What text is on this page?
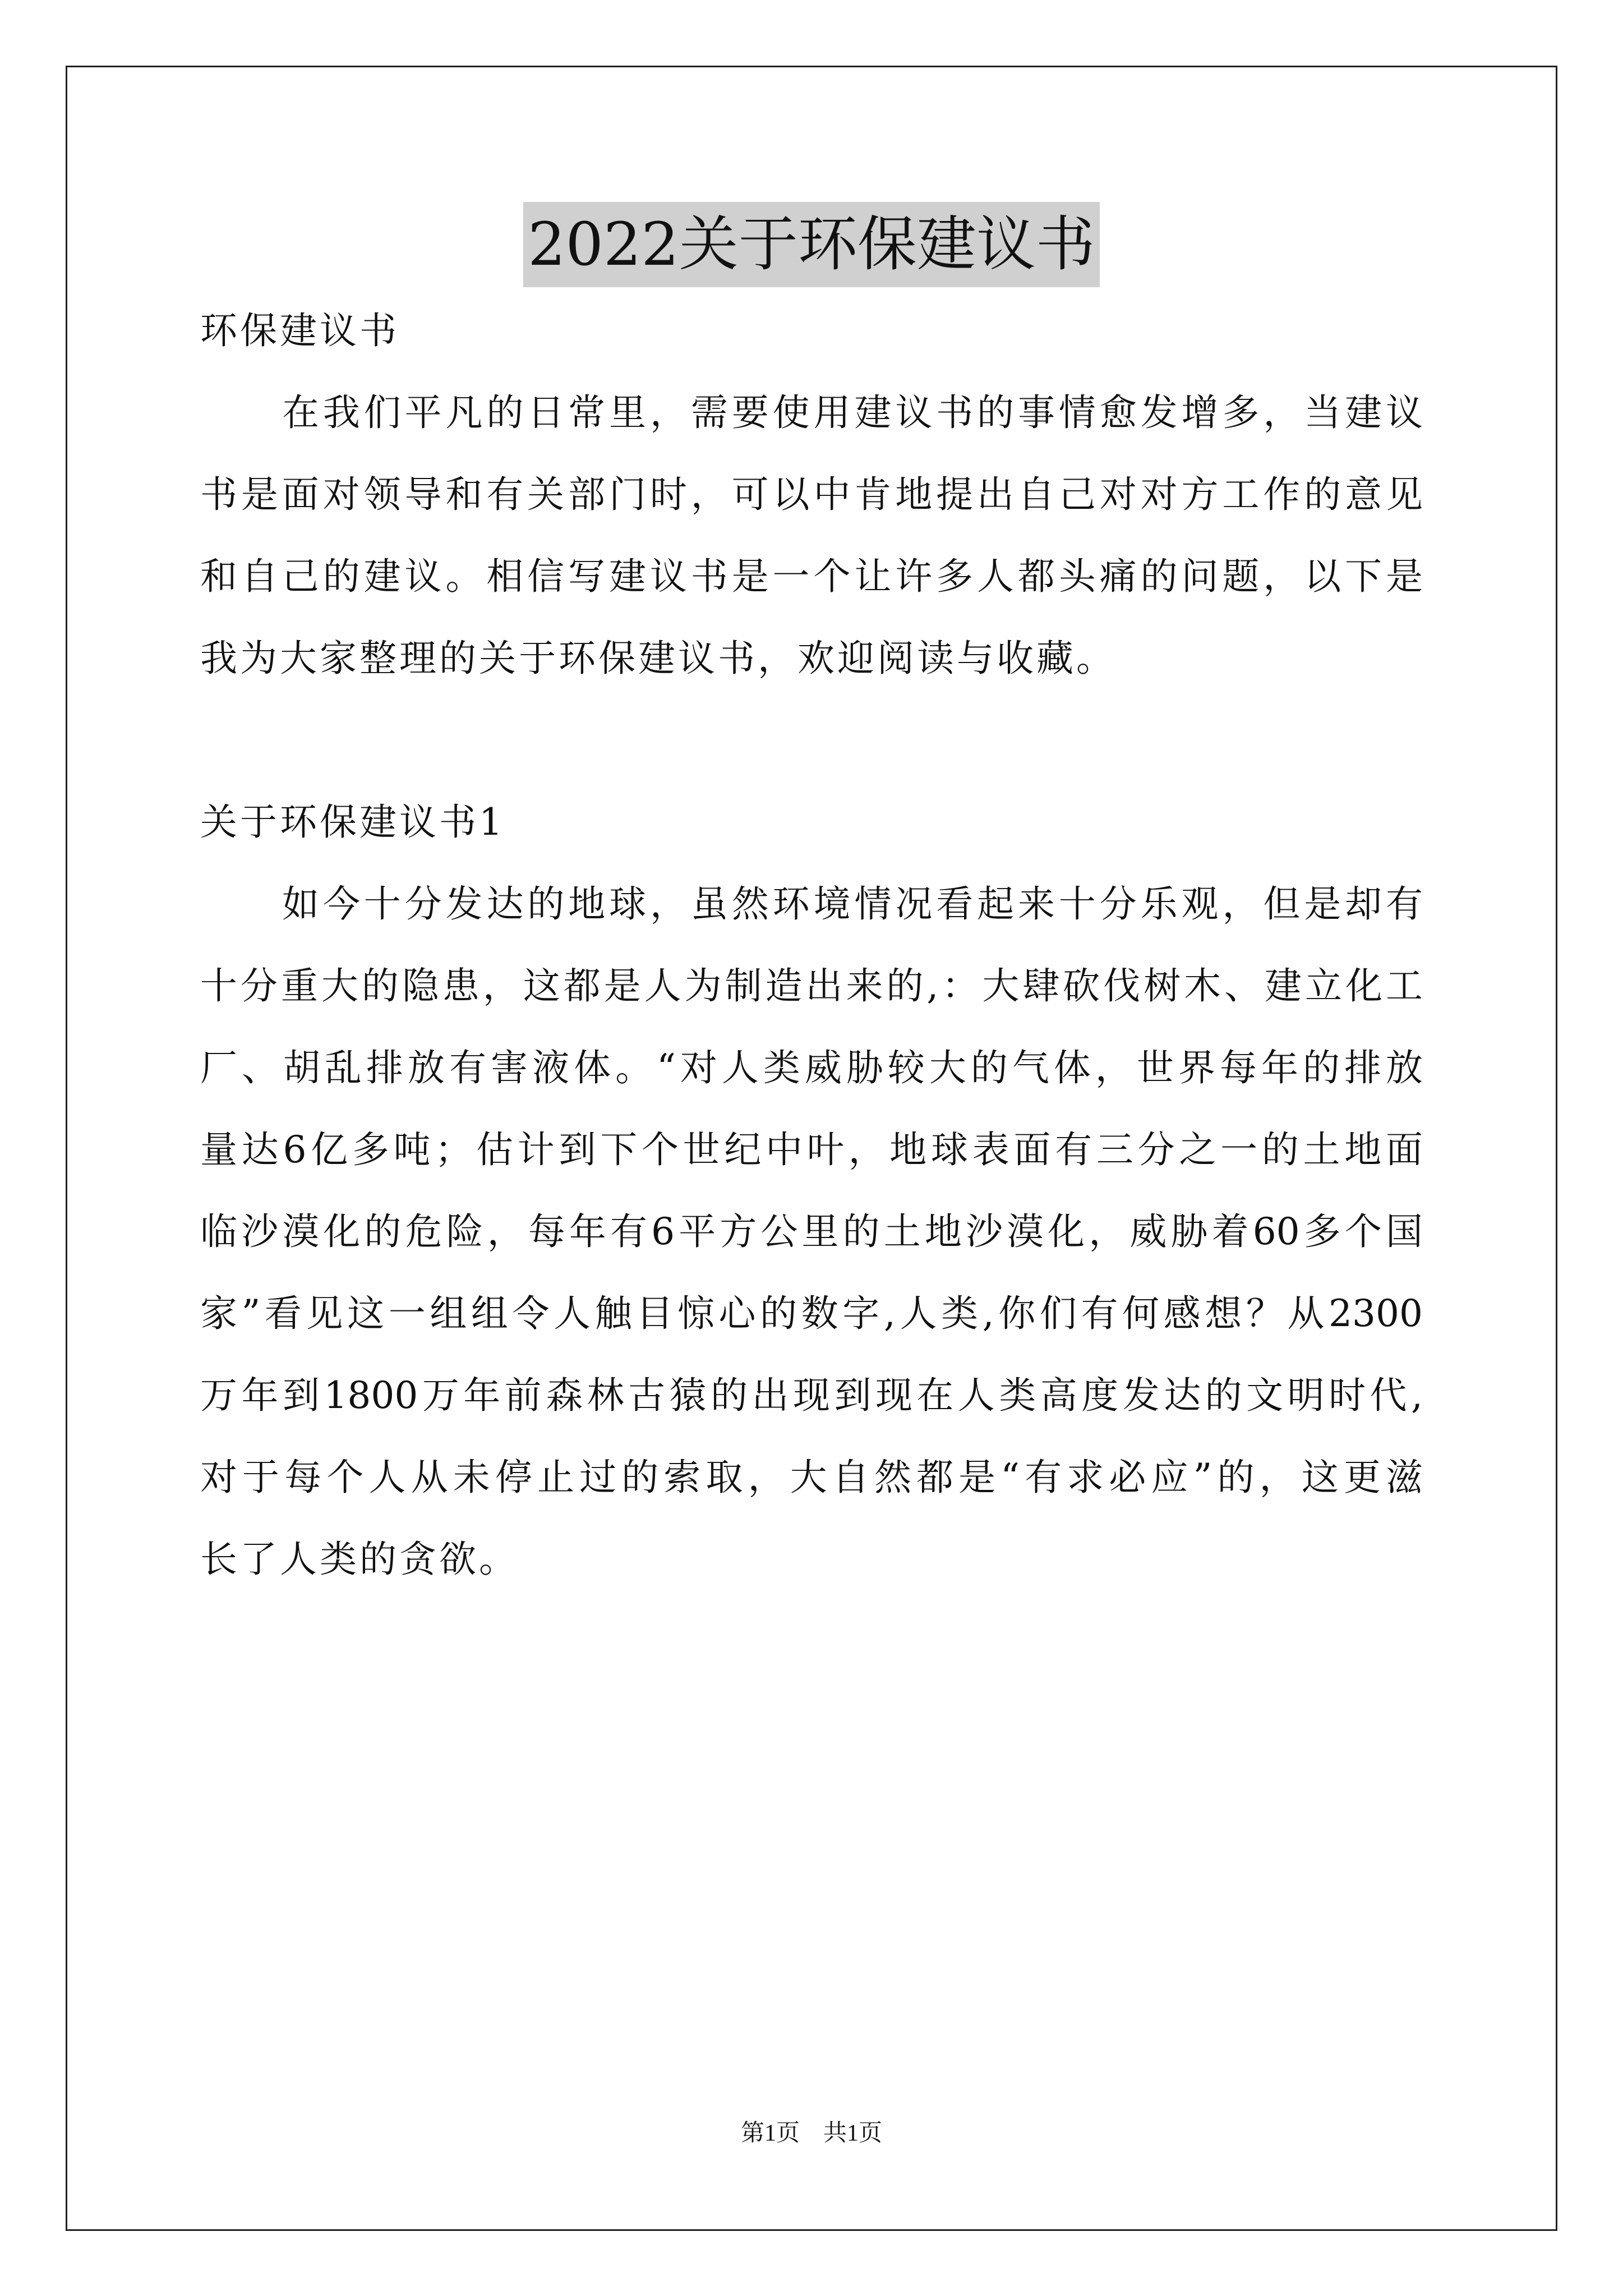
2022关于环保建议书
环保建议书
在我们平凡的日常里，需要使用建议书的事情愈发增多，当建议
书是面对领导和有关部门时，可以中肯地提出自己对对方工作的意见
和自己的建议。相信写建议书是一个让许多人都头痛的问题，以下是
我为大家整理的关于环保建议书，欢迎阅读与收藏。
关于环保建议书1
如今十分发达的地球，虽然环境情况看起来十分乐观，但是却有
十分重大的隐患，这都是人为制造出来的,：大肆砍伐树木、建立化工
厂、胡乱排放有害液体。“对人类威胁较大的气体，世界每年的排放
量达6亿多吨；估计到下个世纪中叶，地球表面有三分之一的土地面
临沙漠化的危险，每年有6平方公里的土地沙漠化，威胁着60多个国
家”看见这一组组令人触目惊心的数字,人类,你们有何感想？从2300
万年到1800万年前森林古猿的出现到现在人类高度发达的文明时代,
对于每个人从未停止过的索取，大自然都是“有求必应”的，这更滋
长了人类的贪欲。
第1页　共1页
